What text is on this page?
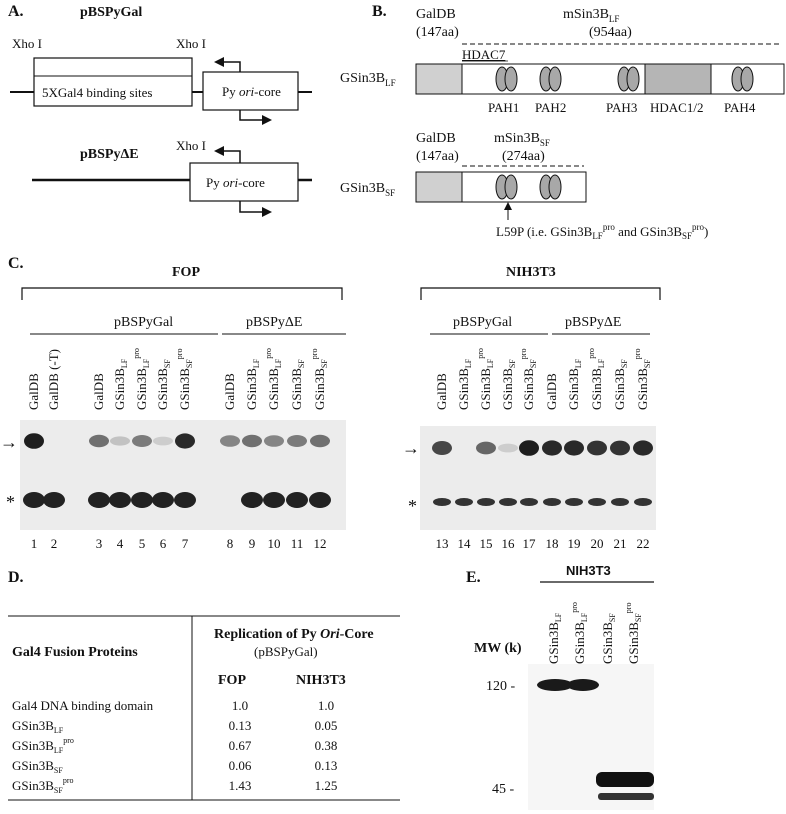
A.	pBSPyGal
Xho I	Xho I
5XGal4 binding sites	Py ori-core
pBSPyΔE
Xho I
Py ori-core
B. GalDB
(147aa)
$mSin3B_{LF}$
(954aa)
HDAC7
$GSin3B_{LF}$
PAH1 PAH2	PAH3 HDAC1/2 PAH4
GalDB
(147aa)
$mSin3B_{SF}$
(274aa)
$GSin3B_{SF}$
L59P (i.e. $GSin3B_{LF}^{pro}$ and $GSin3B_{SF}^{pro}$)
C.
FOP	NIH3T3
pBSPyGal	pBSPyΔE	pBSPyGal	pBSPyΔE
GalDB GalDB (-T) GalDB $GSin3B_{LF}$
$GSin3B_{LF}^{pro}$
$GSin3B_{SF}$
$GSin3B_{SF}^{pro}$
GalDB $GSin3B_{LF}$
$GSin3B_{LF}^{pro}$
$GSin3B_{SF}$
$GSin3B_{SF}^{pro}$
GalDB $GSin3B_{LF}$
$GSin3B_{LF}^{pro}$
$GSin3B_{SF}$
$GSin3B_{SF}^{pro}$
GalDB $GSin3B_{LF}$
$GSin3B_{LF}^{pro}$
$GSin3B_{SF}$
$GSin3B_{SF}^{pro}$
→
*
→
*
1 2	3 4 5 6 7	8 9 10 11 12	13 14 15 16 17 18 19 20 21 22
D.
Gal4 Fusion Proteins
Replication of Py Ori-Core
(pBSPyGal)
FOP	NIH3T3
Gal4 DNA binding domain	1.0	1.0
$GSin3B_{LF}$	0.13	0.05
$GSin3B_{LF}^{pro}$	0.67	0.38
$GSin3B_{SF}$	0.06	0.13
$GSin3B_{SF}^{pro}$	1.43	1.25
E.	NIH3T3
$GSin3B_{LF}$
$GSin3B_{LF}^{pro}$
$GSin3B_{SF}$
$GSin3B_{SF}^{pro}$
MW (k)
120 -
45 -
